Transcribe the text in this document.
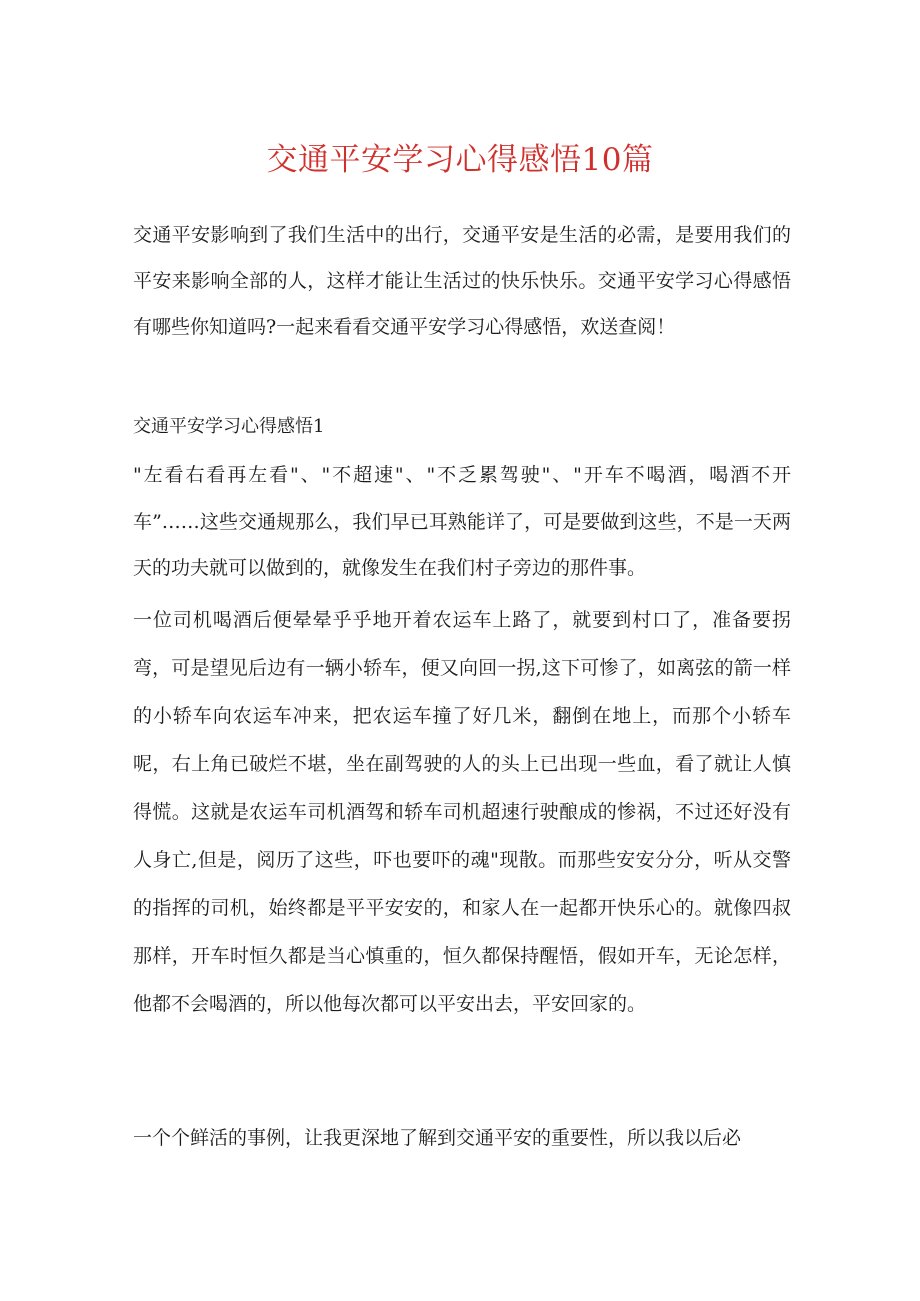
交通平安学习心得感悟10篇

交通平安影响到了我们生活中的出行，交通平安是生活的必需，是要用我们的平安来影响全部的人，这样才能让生活过的快乐快乐。交通平安学习心得感悟有哪些你知道吗?一起来看看交通平安学习心得感悟，欢送查阅！

交通平安学习心得感悟1

"左看右看再左看"、"不超速"、"不乏累驾驶"、"开车不喝酒，喝酒不开车”……这些交通规那么，我们早已耳熟能详了，可是要做到这些，不是一天两天的功夫就可以做到的，就像发生在我们村子旁边的那件事。

一位司机喝酒后便晕晕乎乎地开着农运车上路了，就要到村口了，准备要拐弯，可是望见后边有一辆小轿车，便又向回一拐,这下可惨了，如离弦的箭一样的小轿车向农运车冲来，把农运车撞了好几米，翻倒在地上，而那个小轿车呢，右上角已破烂不堪，坐在副驾驶的人的头上已出现一些血，看了就让人慎得慌。这就是农运车司机酒驾和轿车司机超速行驶酿成的惨祸，不过还好没有人身亡,但是，阅历了这些，吓也要吓的魂"现散。而那些安安分分，听从交警的指挥的司机，始终都是平平安安的，和家人在一起都开快乐心的。就像四叔那样，开车时恒久都是当心慎重的，恒久都保持醒悟，假如开车，无论怎样，他都不会喝酒的，所以他每次都可以平安出去，平安回家的。

一个个鲜活的事例，让我更深地了解到交通平安的重要性，所以我以后必
